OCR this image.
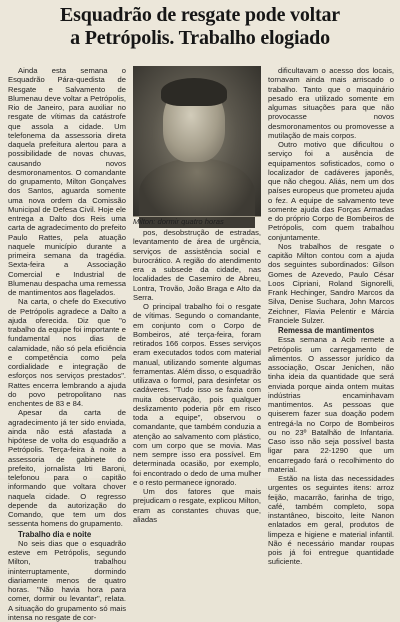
Esquadrão de resgate pode voltar
a Petrópolis. Trabalho elogiado

Ainda esta semana o Esquadrão Pára-quedista de Resgate e Salvamento de Blumenau deve voltar a Petrópolis, Rio de Janeiro, para auxiliar no resgate de vítimas da catástrofe que assola a cidade. Um telefonema da assessoria direta daquela prefeitura alertou para a possibilidade de novas chuvas, causando novos desmoronamentos. O comandante do grupamento, Milton Gonçalves dos Santos, aguarda somente uma nova ordem da Comissão Municipal de Defesa Civil. Hoje ele entrega a Dalto dos Reis uma carta de agradecimento do prefeito Paulo Rattes, pela atuação naquele município durante a primeira semana da tragédia. Sexta-feira a Associação Comercial e Industrial de Blumenau despacha uma remessa de mantimentos aos flagelados.

Na carta, o chefe do Executivo de Petrópolis agradece a Dalto a ajuda oferecida. Diz que "o trabalho da equipe foi importante e fundamental nos dias de calamidade, não só pela eficiência e competência como pela cordialidade e integração de esforços nos serviços prestados". Rattes encerra lembrando a ajuda do povo petropolitano nas enchentes de 83 e 84.

Apesar da carta de agradecimento já ter sido enviada, ainda não está afastada a hipótese de volta do esquadrão a Petrópolis. Terça-feira à noite a assessoria de gabinete do prefeito, jornalista Irti Baroni, telefonou para o capitão informando que voltara chover naquela cidade. O regresso depende da autorização do Comando, que tem um dos sessenta homens do grupamento.

Trabalho dia e noite

No seis dias que o esquadrão esteve em Petrópolis, segundo Milton, trabalhou ininterruptamente, dormindo diariamente menos de quatro horas. "Não havia hora para comer, dormir ou levantar", relata. A situação do grupamento só mais intensa no resgate de cor-

Milton: dormir quatro horas

pos, desobstrução de estradas, levantamento de área de urgência, serviços de assistência social e burocrático. A região do atendimento era a subsede da cidade, nas localidades de Casemiro de Abreu, Lontra, Trovão, João Braga e Alto da Serra.

O principal trabalho foi o resgate de vítimas. Segundo o comandante, em conjunto com o Corpo de Bombeiros, até terça-feira, foram retirados 166 corpos. Esses serviços eram executados todos com material manual, utilizando somente algumas ferramentas. Além disso, o esquadrão utilizava o formol, para desinfetar os cadáveres. "Tudo isso se fazia com muita observação, pois qualquer deslizamento poderia pôr em risco toda a equipe", observou o comandante, que também conduzia a atenção ao salvamento com plástico, com um corpo que se movia. Mas nem sempre isso era possível. Em determinada ocasião, por exemplo, foi encontrado o dedo de uma mulher e o resto permanece ignorado.

Um dos fatores que mais prejudicam o resgate, explicou Milton, eram as constantes chuvas que, aliadas

dificultavam o acesso dos locais, tornavam ainda mais arriscado o trabalho. Tanto que o maquinário pesado era utilizado somente em algumas situações para que não provocasse novos desmoronamentos ou promovesse a mutilação de mais corpos.

Outro motivo que dificultou o serviço foi a ausência de equipamentos sofisticados, como o localizador de cadáveres japonês, que não chegou. Aliás, nem um dos países europeus que prometeu ajuda o fez. A equipe de salvamento teve somente ajuda das Forças Armadas e do próprio Corpo de Bombeiros de Petrópolis, com quem trabalhou conjuntamente.

Nos trabalhos de resgate o capitão Milton contou com a ajuda dos seguintes subordinados: Gilson Gomes de Azevedo, Paulo César Loos Cipriani, Roland Signorelli, Frank Hechinger, Sandro Marcos da Silva, Denise Suchara, John Marcos Zeichner, Flavia Pelentir e Márcia Franciele Sulzer.

Remessa de mantimentos

Essa semana a Acib remete a Petrópolis um carregamento de alimentos. O assessor jurídico da associação, Oscar Jenichen, não tinha ideia da quantidade que será enviada porque ainda ontem muitas indústrias encaminhavam mantimentos. As pessoas que quiserem fazer sua doação podem entregá-la no Corpo de Bombeiros ou no 23º Batalhão de Infantaria. Caso isso não seja possível basta ligar para 22-1290 que um encarregado fará o recolhimento do material.

Estão na lista das necessidades urgentes os seguintes itens: arroz feijão, macarrão, farinha de trigo, café, também completo, sopa instantâneo, biscoito, leite Nanon enlatados em geral, produtos de limpeza e higiene e material infantil. Não é necessário mandar roupas pois já foi entregue quantidade suficiente.
